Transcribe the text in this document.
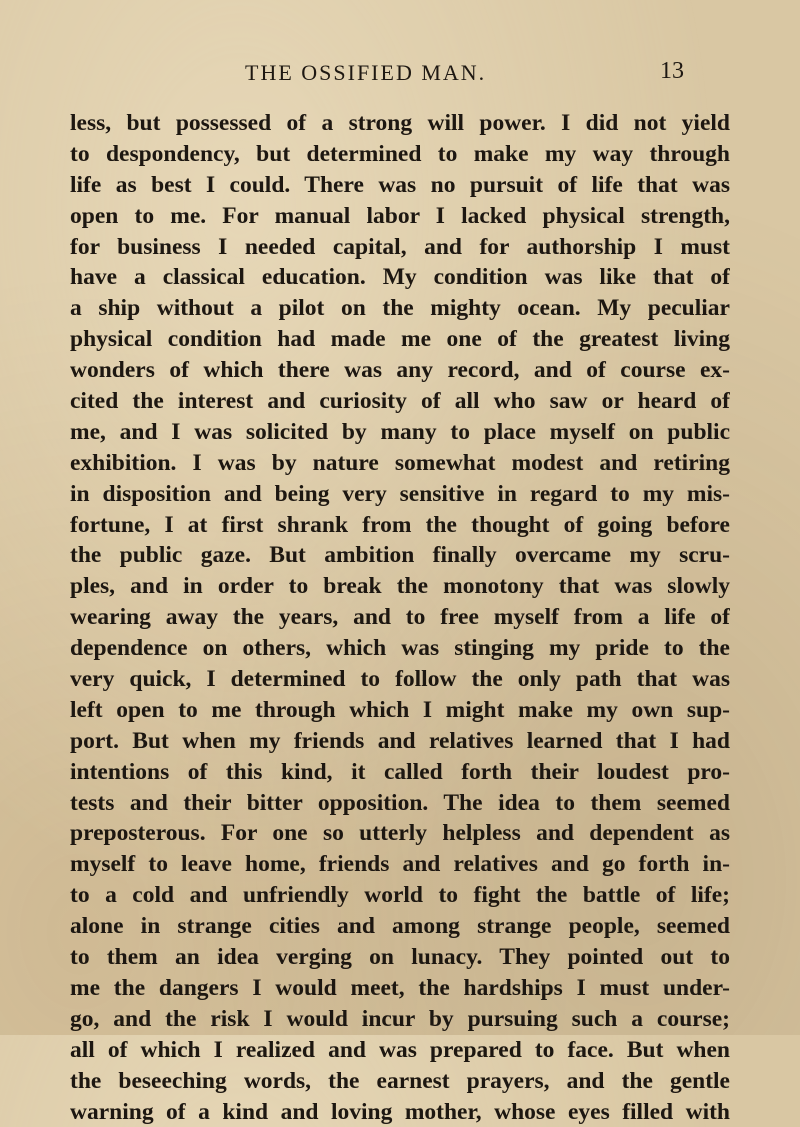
THE OSSIFIED MAN.	13
less, but possessed of a strong will power. I did not yield
to despondency, but determined to make my way through
life as best I could. There was no pursuit of life that was
open to me. For manual labor I lacked physical strength,
for business I needed capital, and for authorship I must
have a classical education. My condition was like that of
a ship without a pilot on the mighty ocean. My peculiar
physical condition had made me one of the greatest living
wonders of which there was any record, and of course ex-
cited the interest and curiosity of all who saw or heard of
me, and I was solicited by many to place myself on public
exhibition. I was by nature somewhat modest and retiring
in disposition and being very sensitive in regard to my mis-
fortune, I at first shrank from the thought of going before
the public gaze. But ambition finally overcame my scru-
ples, and in order to break the monotony that was slowly
wearing away the years, and to free myself from a life of
dependence on others, which was stinging my pride to the
very quick, I determined to follow the only path that was
left open to me through which I might make my own sup-
port. But when my friends and relatives learned that I had
intentions of this kind, it called forth their loudest pro-
tests and their bitter opposition. The idea to them seemed
preposterous. For one so utterly helpless and dependent as
myself to leave home, friends and relatives and go forth in-
to a cold and unfriendly world to fight the battle of life;
alone in strange cities and among strange people, seemed
to them an idea verging on lunacy. They pointed out to
me the dangers I would meet, the hardships I must under-
go, and the risk I would incur by pursuing such a course;
all of which I realized and was prepared to face. But when
the beseeching words, the earnest prayers, and the gentle
warning of a kind and loving mother, whose eyes filled with
